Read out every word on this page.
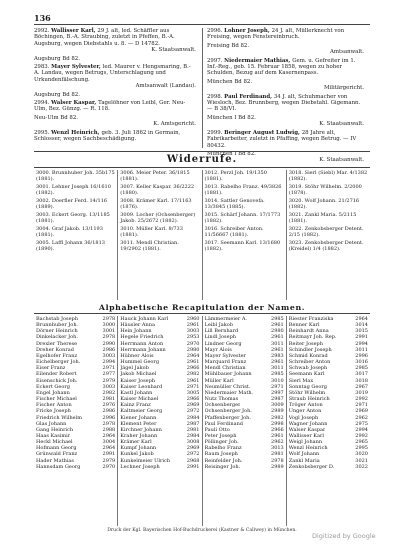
136
2992. Wallisser Karl, 29 J. alt, led. Schäffler aus Böchingen, B.-A. Straubing, zuletzt in Pfeffen, B.-A. Augsburg, wegen Diebstahls u. 8. — D 14782.
K. Staatsanwalt.
Augsburg Bd 82.
2983. Mayer Sylvester, led. Maurer v. Hengsmaring, B.-A. Landau, wegen Betrugs, Unterschlagung und Urkundenfälschung.
Amtsanwalt (Landau).
Augsburg Bd 82.
2994. Walser Kaspar, Tagelöhner von Leibl, Ger. Neu-Ulm, Bez. Günzg. — R. 118.
Neu-Ulm Bd 82.
K. Amtsgericht.
2995. Wenzl Heinrich, geb. 3. Juli 1862 in Germain, Schlosser, wegen Sachbeschädigung.
2996. Lohner Joseph, 24 J. alt, Müllerknecht von Freising, wegen Fenstereinbruch.
Freising Bd 82.
Amtsanwalt.
2997. Niedermaier Mathias, Gem. u. Gefreiter im 1. Inf.-Reg., geb. 15. Februar 1858, wegen zu hoher Schulden, Bezug auf dem Kasernenpass.
München Bd 82.
Militärgericht.
2998. Paul Ferdinand, 34 J. alt, Schuhmacher von Wiesloch, Bez. Brunnberg, wegen Diebstahl. Gigemann. — B 38/VI.
München I Bd 82.
K. Staatsanwalt.
2999. Beringer August Ludwig, 28 Jahre alt, Fabrikarbeiter, zuletzt in Pfaffing, wegen Betrug. — IV 80432.
München I Bd 82.
K. Staatsanwalt.
Widerrufe.
3000. Brunnhuber Joh. 35b175 (1881).
3001. Lehner Joseph 16/1610 (1882).
3002. Doerfler Ferd. 14/116 (1889).
3003. Eckert Georg. 13/1185 (1881).
3004. Graf Jakob. 13/1193 (1881).
3005. Laffl Johann 36/1813 (1890).
3006. Meier Peter. 36/1815 (1881).
3007. Keller Kaspar. 36/2222 (1880).
3008. Krämer Karl. 17/1163 (1876).
3009. Locher (Ochsenberger) Jakob. 25/2672 (1882).
3010. Müller Karl. 8/733 (1881).
3011. Mendl Christian. 19/2902 (1881).
3012. Perzl Joh. 19/1350 (1881).
3013. Rabelho Franz. 49/3826 (1881).
3014. Sattler Genovefa. 13/3845 (1885).
3015. Schärf Johann. 17/1773 (1882).
3016. Schreiber Anton. 11/56667 (1881).
3017. Seemann Karl. 13/1680 (1882).
3018. Sierl (Siebl) Mar. 4/1382 (1882).
3019. Stöhr Wilhelm. 2/2000 (1878).
3020. Wolf Johann. 21/2716 (1882).
3021. Zankl Maria. 5/2115 (1881).
3022. Zenkobsberger Detent. 2/15 (1882).
3023. Zenkobsberger Detent. (Kreidel) 1/4 (1882).
Alphabetische Recapitulation der Namen.
Bachstab Joseph	2978
Brunnhuber Joh.	3000
Dörner Heinrich	3001
Dinkelacker Joh.	2978
Drexler Therese	2990
Dreher Konrad	2986
Egelhofer Franz	3003
Eichelberger Joh.	2994
Eiser Franz	2971
Eilender Robert	2977
Eisenschick Joh.	2979
Eckert Georg	3003
Engel Johann	2982
Fischer Michael	2981
Fischer Anton	2976
Fricke Joseph	2986
Friedrich Wilhelm	2996
Glas Johann	2978
Gang Heinrich	2988
Haas Kasimir	2964
Heckl Michael	3004
Hofmann Georg	2964
Grünwald Franz	2991
Hader Mathias	2979
Hannsdam Georg	2970
Hauck Johann Karl	2960
Häusler Anna	2961
Hein Johann	3003
Hegele Friedrich	2953
Herrmann Anton	2970
Herrmann Johann	2980
Hübner Alois	2964
Hummel Georg	2961
Jägel Jakob	2966
Jakob Michael	2982
Kaiser Joseph	2961
Kaiser Leonhard	2971
Kastl Johann	3005
Kaiser Michael	2966
Kainz Franz	2969
Kaltmeier Georg	2972
Kiener Johann	2984
Klement Peter	2987
Kirchner Johann	2981
Kraher Johann	2984
Krämer Karl	3008
Kumpf Johann	2969
Kunkel Jakob	2972
Kunkelmeier Ulrich	2968
Lechner Joseph	2991
Lämmermeier A.	2985
Leibl Jakob	2961
Lill Bernhard	2980
Lindl Joseph	2961
Lindner Georg	3011
Mayr Alois	2961
Mayer Sylvester	2983
Marquard Franz	2961
Mendl Christian	3011
Mühlbauer Johann	2985
Müller Karl	3010
Neumüller Christ.	2971
Niedermaier Math.	2997
Nutz Thomas	2987
Ochsenberger	3009
Ochsenberger Joh.	2989
Pfaffenberger Joh.	2982
Paul Ferdinand	2998
Pauli Otto	2966
Peter Joseph	2961
Pöllinger Joh.	2962
Rabelho Franz	3013
Raum Joseph	2981
Reinfelder Joh.	2978
Reisinger Joh.	2989
Riester Franziska	2964
Renner Karl	3014
Reinhardt Anna	3015
Reitmayr Joh. Rep.	2991
Reiter Joseph	2994
Schindler Joseph	3011
Schmid Konrad	2996
Schreiber Anton	3016
Schwab Joseph	2985
Seemann Karl	3017
Sierl Max	3018
Sonntag Georg	2967
Stöhr Wilhelm	3019
Straub Heinrich	2992
Tröger Anton	2971
Unger Anton	2969
Vogl Joseph	2962
Wagner Johann	2975
Walser Kaspar	2994
Wallisser Karl	2992
Weigl Johann	2965
Wenzl Heinrich	2995
Wolf Johann	3020
Zankl Maria	3021
Zenkobsberger D.	3022
Druck der Kgl. Bayerischen Hof-Buchdruckerei (Kastner & Callwey) in München.
Digitized by Google
